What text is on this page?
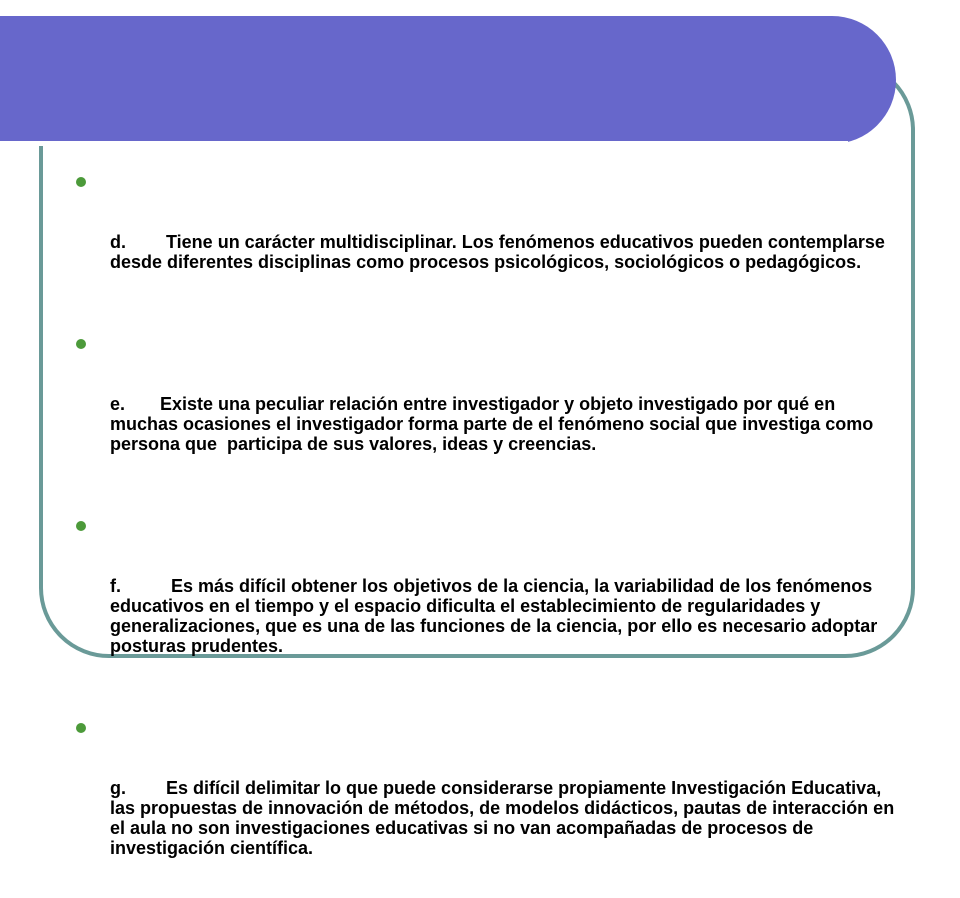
d.        Tiene un carácter multidisciplinar. Los fenómenos educativos pueden contemplarse desde diferentes disciplinas como procesos psicológicos, sociológicos o pedagógicos.

e.       Existe una peculiar relación entre investigador y objeto investigado por qué en muchas ocasiones el investigador forma parte de el fenómeno social que investiga como persona que  participa de sus valores, ideas y creencias.

f.          Es más difícil obtener los objetivos de la ciencia, la variabilidad de los fenómenos educativos en el tiempo y el espacio dificulta el establecimiento de regularidades y generalizaciones, que es una de las funciones de la ciencia, por ello es necesario adoptar posturas prudentes.

g.        Es difícil delimitar lo que puede considerarse propiamente Investigación Educativa, las propuestas de innovación de métodos, de modelos didácticos, pautas de interacción en el aula no son investigaciones educativas si no van acompañadas de procesos de investigación científica.
